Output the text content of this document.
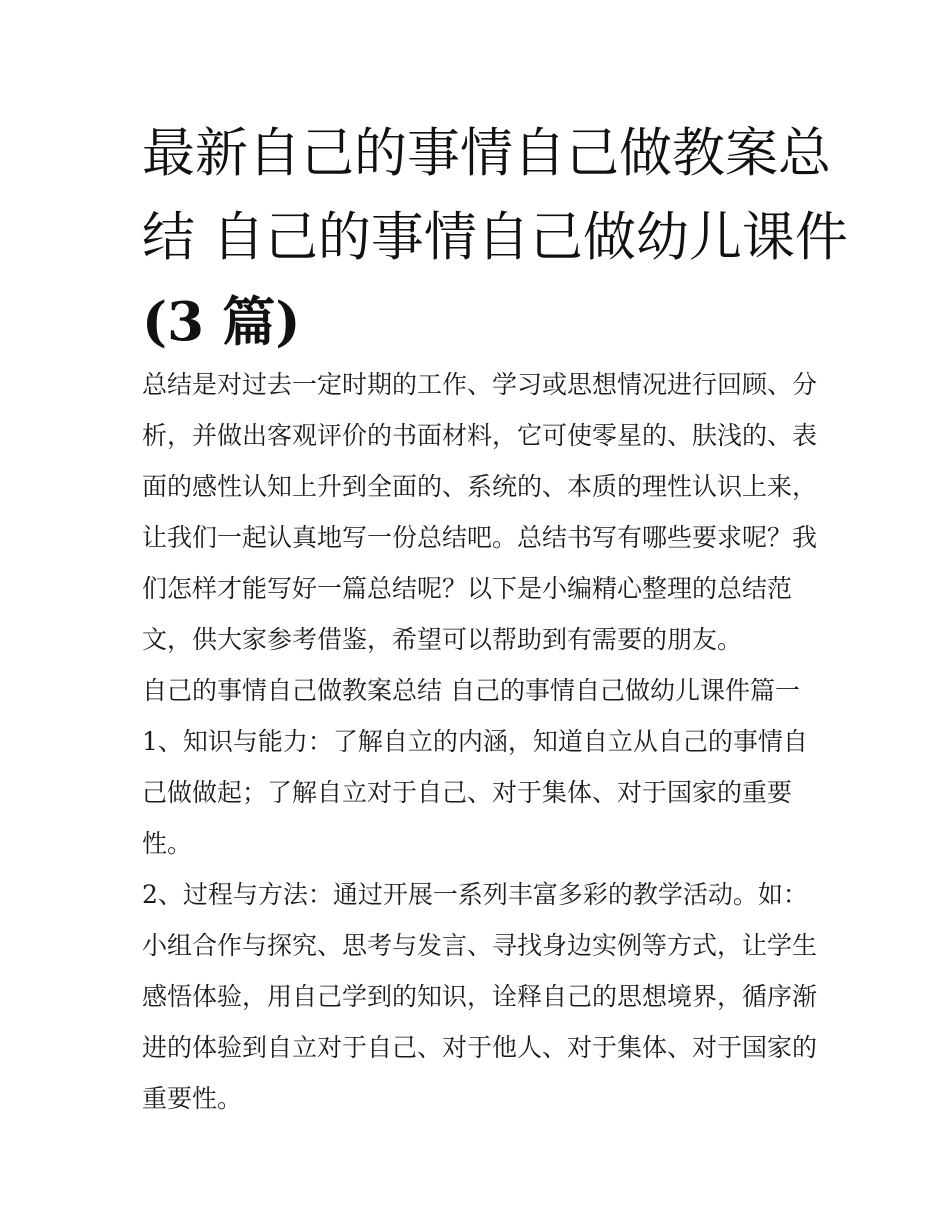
最新自己的事情自己做教案总
结 自己的事情自己做幼儿课件
(3 篇)
总结是对过去一定时期的工作、学习或思想情况进行回顾、分
析，并做出客观评价的书面材料，它可使零星的、肤浅的、表
面的感性认知上升到全面的、系统的、本质的理性认识上来，
让我们一起认真地写一份总结吧。总结书写有哪些要求呢？我
们怎样才能写好一篇总结呢？以下是小编精心整理的总结范
文，供大家参考借鉴，希望可以帮助到有需要的朋友。
自己的事情自己做教案总结 自己的事情自己做幼儿课件篇一
1、知识与能力：了解自立的内涵，知道自立从自己的事情自
己做做起；了解自立对于自己、对于集体、对于国家的重要
性。
2、过程与方法：通过开展一系列丰富多彩的教学活动。如：
小组合作与探究、思考与发言、寻找身边实例等方式，让学生
感悟体验，用自己学到的知识，诠释自己的思想境界，循序渐
进的体验到自立对于自己、对于他人、对于集体、对于国家的
重要性。
